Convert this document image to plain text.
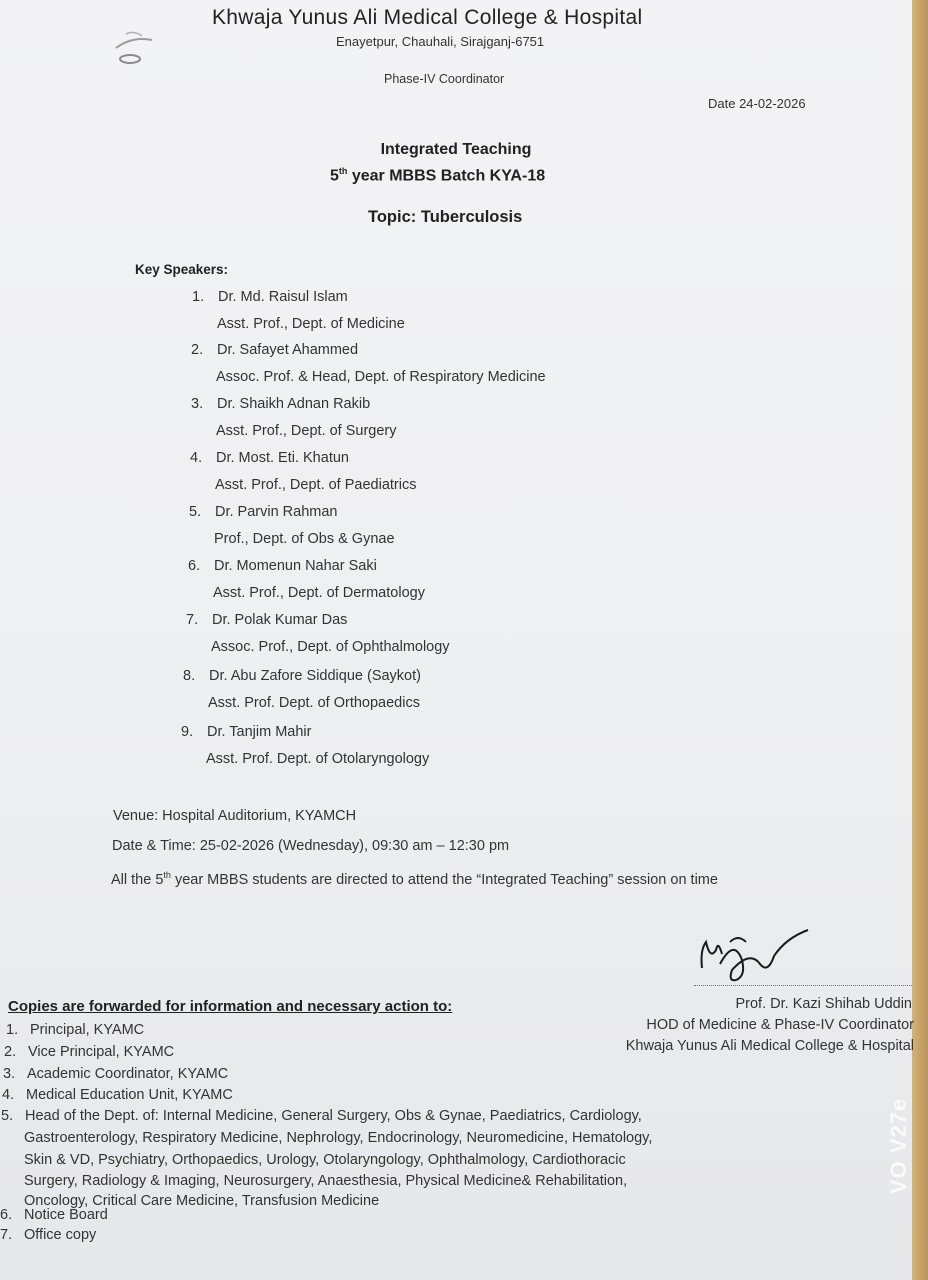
Khwaja Yunus Ali Medical College & Hospital
Enayetpur, Chauhali, Sirajganj-6751
Phase-IV Coordinator
Date 24-02-2026
Integrated Teaching
5th year MBBS Batch KYA-18
Topic: Tuberculosis
Key Speakers:
1. Dr. Md. Raisul Islam
Asst. Prof., Dept. of Medicine
2. Dr. Safayet Ahammed
Assoc. Prof. & Head, Dept. of Respiratory Medicine
3. Dr. Shaikh Adnan Rakib
Asst. Prof., Dept. of Surgery
4. Dr. Most. Eti. Khatun
Asst. Prof., Dept. of Paediatrics
5. Dr. Parvin Rahman
Prof., Dept. of Obs & Gynae
6. Dr. Momenun Nahar Saki
Asst. Prof., Dept. of Dermatology
7. Dr. Polak Kumar Das
Assoc. Prof., Dept. of Ophthalmology
8. Dr. Abu Zafore Siddique (Saykot)
Asst. Prof. Dept. of Orthopaedics
9. Dr. Tanjim Mahir
Asst. Prof. Dept. of Otolaryngology
Venue: Hospital Auditorium, KYAMCH
Date & Time: 25-02-2026 (Wednesday), 09:30 am – 12:30 pm
All the 5th year MBBS students are directed to attend the “Integrated Teaching” session on time
Prof. Dr. Kazi Shihab Uddin
HOD of Medicine & Phase-IV Coordinator
Khwaja Yunus Ali Medical College & Hospital
Copies are forwarded for information and necessary action to:
1. Principal, KYAMC
2. Vice Principal, KYAMC
3. Academic Coordinator, KYAMC
4. Medical Education Unit, KYAMC
5. Head of the Dept. of: Internal Medicine, General Surgery, Obs & Gynae, Paediatrics, Cardiology,
Gastroenterology, Respiratory Medicine, Nephrology, Endocrinology, Neuromedicine, Hematology,
Skin & VD, Psychiatry, Orthopaedics, Urology, Otolaryngology, Ophthalmology, Cardiothoracic
Surgery, Radiology & Imaging, Neurosurgery, Anaesthesia, Physical Medicine& Rehabilitation,
Oncology, Critical Care Medicine, Transfusion Medicine
6. Notice Board
7. Office copy
